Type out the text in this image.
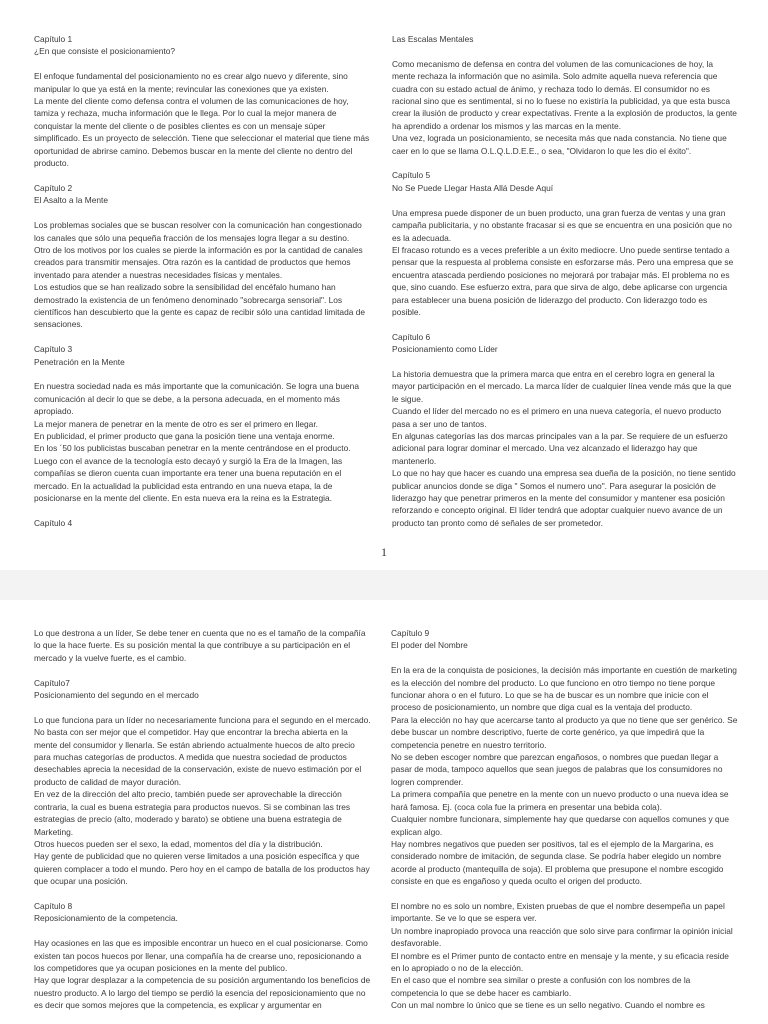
Capítulo 1
¿En que consiste el posicionamiento?

El enfoque fundamental del posicionamiento no es crear algo nuevo y diferente, sino manipular lo que ya está en la mente; revincular las conexiones que ya existen.
La mente del cliente como defensa contra el volumen de las comunicaciones de hoy, tamiza y rechaza, mucha información que le llega. Por lo cual la mejor manera de conquistar la mente del cliente o de posibles clientes es con un mensaje súper simplificado. Es un proyecto de selección. Tiene que seleccionar el material que tiene más oportunidad de abrirse camino. Debemos buscar en la mente del cliente no dentro del producto.

Capítulo 2
El Asalto a la Mente

Los problemas sociales que se buscan resolver con la comunicación han congestionado los canales que sólo una pequeña fracción de los mensajes logra llegar a su destino.
Otro de los motivos por los cuales se pierde la información es por la cantidad de canales creados para transmitir mensajes. Otra razón es la cantidad de productos que hemos inventado para atender a nuestras necesidades físicas y mentales.
Los estudios que se han realizado sobre la sensibilidad del encéfalo humano han demostrado la existencia de un fenómeno denominado "sobrecarga sensorial". Los científicos han descubierto que la gente es capaz de recibir sólo una cantidad limitada de sensaciones.

Capítulo 3
Penetración en la Mente

En nuestra sociedad nada es más importante que la comunicación. Se logra una buena comunicación al decir lo que se debe, a la persona adecuada, en el momento más apropiado.
La mejor manera de penetrar en la mente de otro es ser el primero en llegar.
En publicidad, el primer producto que gana la posición tiene una ventaja enorme.
En los ´50 los publicistas buscaban penetrar en la mente centrándose en el producto. Luego con el avance de la tecnología esto decayó y surgió la Era de la Imagen, las compañías se dieron cuenta cuan importante era tener una buena reputación en el mercado. En la actualidad la publicidad esta entrando en una nueva etapa, la de posicionarse en la mente del cliente. En esta nueva era la reina es la Estrategia.

Capítulo 4
Las Escalas Mentales

Como mecanismo de defensa en contra del volumen de las comunicaciones de hoy, la mente rechaza la información que no asimila. Solo admite aquella nueva referencia que cuadra con su estado actual de ánimo, y rechaza todo lo demás. El consumidor no es racional sino que es sentimental, si no lo fuese no existiría la publicidad, ya que esta busca crear la ilusión de producto y crear expectativas. Frente a la explosión de productos, la gente ha aprendido a ordenar los mismos y las marcas en la mente.
Una vez, lograda un posicionamiento, se necesita más que nada constancia. No tiene que caer en lo que se llama O.L.Q.L.D.E.E., o sea, "Olvidaron lo que les dio el éxito".

Capítulo 5
No Se Puede Llegar Hasta Allá Desde Aquí

Una empresa puede disponer de un buen producto, una gran fuerza de ventas y una gran campaña publicitaria, y no obstante fracasar si es que se encuentra en una posición que no es la adecuada.
El fracaso rotundo es a veces preferible a un éxito mediocre. Uno puede sentirse tentado a pensar que la respuesta al problema consiste en esforzarse más. Pero una empresa que se encuentra atascada perdiendo posiciones no mejorará por trabajar más. El problema no es que, sino cuando. Ese esfuerzo extra, para que sirva de algo, debe aplicarse con urgencia para establecer una buena posición de liderazgo del producto. Con liderazgo todo es posible.

Capítulo 6
Posicionamiento como Líder

La historia demuestra que la primera marca que entra en el cerebro logra en general la mayor participación en el mercado. La marca líder de cualquier línea vende más que la que le sigue.
Cuando el líder del mercado no es el primero en una nueva categoría, el nuevo producto pasa a ser uno de tantos.
En algunas categorías las dos marcas principales van a la par. Se requiere de un esfuerzo adicional para lograr dominar el mercado. Una vez alcanzado el liderazgo hay que mantenerlo.
Lo que no hay que hacer es cuando una empresa sea dueña de la posición, no tiene sentido publicar anuncios donde se diga " Somos el numero uno". Para asegurar la posición de liderazgo hay que penetrar primeros en la mente del consumidor y mantener esa posición reforzando e concepto original. El líder tendrá que adoptar cualquier nuevo avance de un producto tan pronto como dé señales de ser prometedor.
1
Lo que destrona a un líder, Se debe tener en cuenta que no es el tamaño de la compañía lo que la hace fuerte. Es su posición mental la que contribuye a su participación en el mercado y la vuelve fuerte, es el cambio.

Capítulo7
Posicionamiento del segundo en el mercado

Lo que funciona para un líder no necesariamente funciona para el segundo en el mercado.
No basta con ser mejor que el competidor. Hay que encontrar la brecha abierta en la mente del consumidor y llenarla. Se están abriendo actualmente huecos de alto precio para muchas categorías de productos. A medida que nuestra sociedad de productos desechables aprecia la necesidad de la conservación, existe de nuevo estimación por el producto de calidad de mayor duración.
En vez de la dirección del alto precio, también puede ser aprovechable la dirección contraria, la cual es buena estrategia para productos nuevos. Si se combinan las tres estrategias de precio (alto, moderado y barato) se obtiene una buena estrategia de Marketing.
Otros huecos pueden ser el sexo, la edad, momentos del día y la distribución.
Hay gente de publicidad que no quieren verse limitados a una posición específica y que quieren complacer a todo el mundo. Pero hoy en el campo de batalla de los productos hay que ocupar una posición.

Capítulo 8
Reposicionamiento de la competencia.

Hay ocasiones en las que es imposible encontrar un hueco en el cual posicionarse. Como existen tan pocos huecos por llenar, una compañía ha de crearse uno, reposicionando a los competidores que ya ocupan posiciones en la mente del publico.
Hay que lograr desplazar a la competencia de su posición argumentando los beneficios de nuestro producto. A lo largo del tiempo se perdió la esencia del reposicionamiento que no es decir que somos mejores que la competencia, es explicar y argumentar en
Capítulo 9
El poder del Nombre

En la era de la conquista de posiciones, la decisión más importante en cuestión de marketing es la elección del nombre del producto. Lo que funciono en otro tiempo no tiene porque funcionar ahora o en el futuro. Lo que se ha de buscar es un nombre que inicie con el proceso de posicionamiento, un nombre que diga cual es la ventaja del producto.
Para la elección no hay que acercarse tanto al producto ya que no tiene que ser genérico. Se debe buscar un nombre descriptivo, fuerte de corte genérico, ya que impedirá que la competencia penetre en nuestro territorio.
No se deben escoger nombre que parezcan engañosos, o nombres que puedan llegar a pasar de moda, tampoco aquellos que sean juegos de palabras que los consumidores no logren comprender.
La primera compañía que penetre en la mente con un nuevo producto o una nueva idea se hará famosa. Ej. (coca cola fue la primera en presentar una bebida cola).
Cualquier nombre funcionara, simplemente hay que quedarse con aquellos comunes y que explican algo.
Hay nombres negativos que pueden ser positivos, tal es el ejemplo de la Margarina, es considerado nombre de imitación, de segunda clase. Se podría haber elegido un nombre acorde al producto (mantequilla de soja). El problema que presupone el nombre escogido consiste en que es engañoso y queda oculto el origen del producto.

El nombre no es solo un nombre, Existen pruebas de que el nombre desempeña un papel importante. Se ve lo que se espera ver.
Un nombre inapropiado provoca una reacción que solo sirve para confirmar la opinión inicial desfavorable.
El nombre es el Primer punto de contacto entre en mensaje y la mente, y su eficacia reside en lo apropiado o no de la elección.
En el caso que el nombre sea similar o preste a confusión con los nombres de la competencia lo que se debe hacer es cambiarlo.
Con un mal nombre lo único que se tiene es un sello negativo. Cuando el nombre es
